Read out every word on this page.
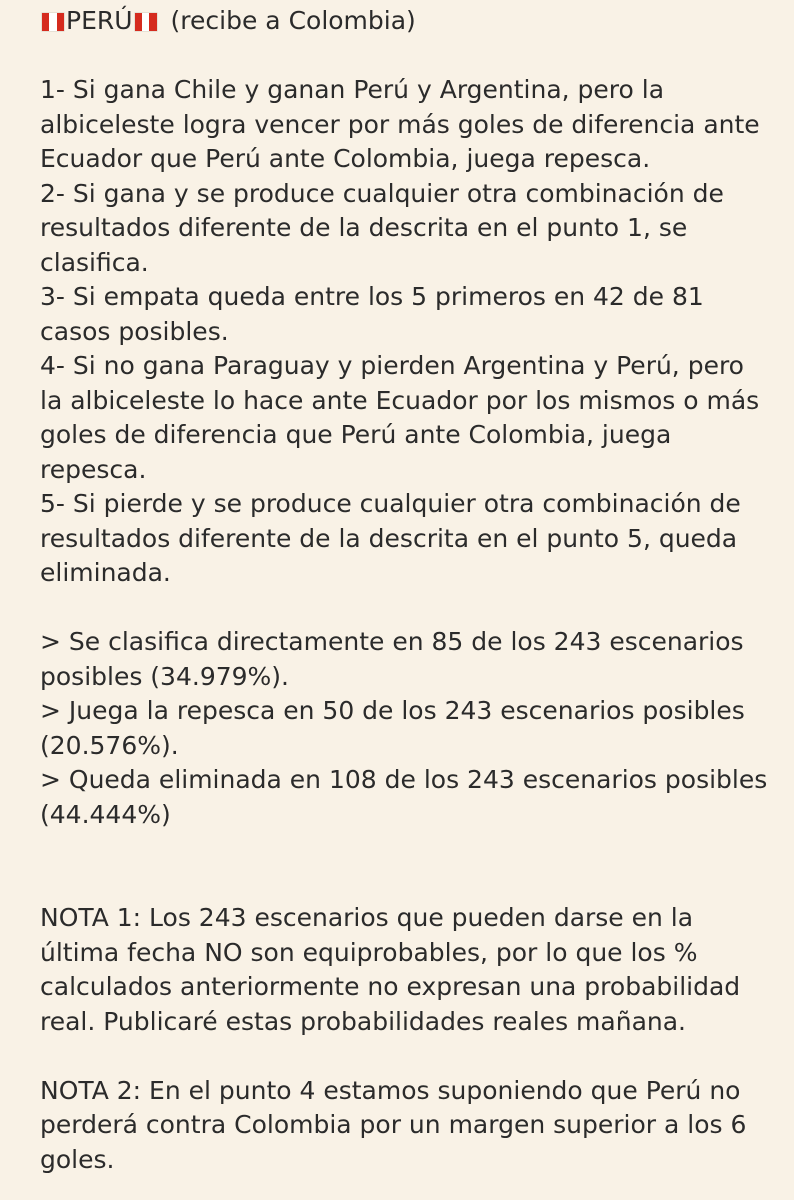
PERÚ (recibe a Colombia)
1- Si gana Chile y ganan Perú y Argentina, pero la
albiceleste logra vencer por más goles de diferencia ante
Ecuador que Perú ante Colombia, juega repesca.
2- Si gana y se produce cualquier otra combinación de
resultados diferente de la descrita en el punto 1, se
clasifica.
3- Si empata queda entre los 5 primeros en 42 de 81
casos posibles.
4- Si no gana Paraguay y pierden Argentina y Perú, pero
la albiceleste lo hace ante Ecuador por los mismos o más
goles de diferencia que Perú ante Colombia, juega
repesca.
5- Si pierde y se produce cualquier otra combinación de
resultados diferente de la descrita en el punto 5, queda
eliminada.
> Se clasifica directamente en 85 de los 243 escenarios
posibles (34.979%).
> Juega la repesca en 50 de los 243 escenarios posibles
(20.576%).
> Queda eliminada en 108 de los 243 escenarios posibles
(44.444%)
NOTA 1: Los 243 escenarios que pueden darse en la
última fecha NO son equiprobables, por lo que los %
calculados anteriormente no expresan una probabilidad
real. Publicaré estas probabilidades reales mañana.
NOTA 2: En el punto 4 estamos suponiendo que Perú no
perderá contra Colombia por un margen superior a los 6
goles.
